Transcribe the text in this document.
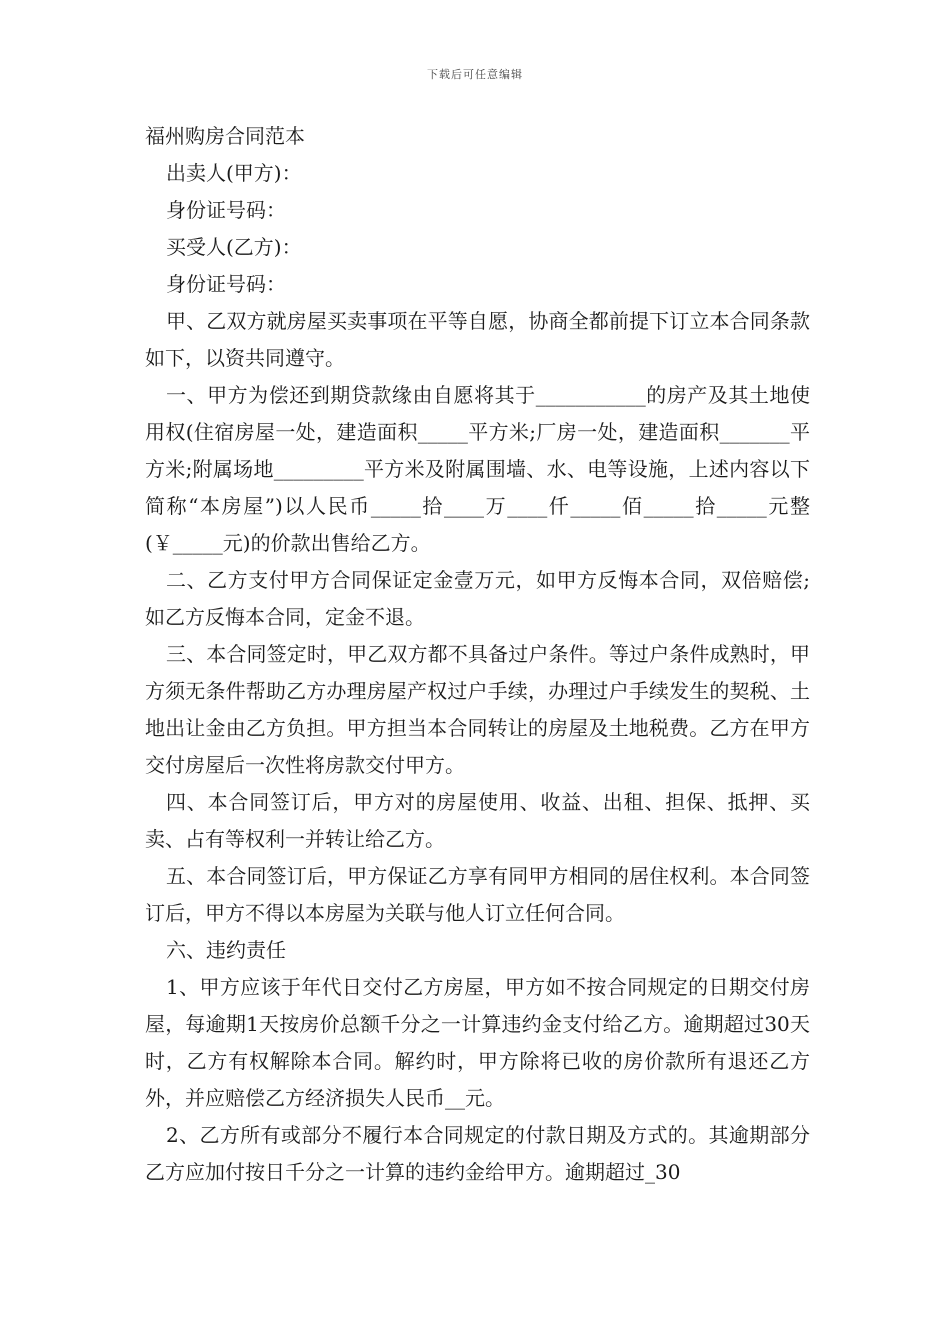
下载后可任意编辑

福州购房合同范本

出卖人(甲方)：

身份证号码：

买受人(乙方)：

身份证号码：

甲、乙双方就房屋买卖事项在平等自愿，协商全都前提下订立本合同条款如下，以资共同遵守。

一、甲方为偿还到期贷款缘由自愿将其于___________的房产及其土地使用权(住宿房屋一处，建造面积_____平方米;厂房一处，建造面积_______平方米;附属场地_________平方米及附属围墙、水、电等设施，上述内容以下简称“本房屋”)以人民币_____拾____万____仟_____佰_____拾_____元整(￥_____元)的价款出售给乙方。

二、乙方支付甲方合同保证定金壹万元，如甲方反悔本合同，双倍赔偿;如乙方反悔本合同，定金不退。

三、本合同签定时，甲乙双方都不具备过户条件。等过户条件成熟时，甲方须无条件帮助乙方办理房屋产权过户手续，办理过户手续发生的契税、土地出让金由乙方负担。甲方担当本合同转让的房屋及土地税费。乙方在甲方交付房屋后一次性将房款交付甲方。

四、本合同签订后，甲方对的房屋使用、收益、出租、担保、抵押、买卖、占有等权利一并转让给乙方。

五、本合同签订后，甲方保证乙方享有同甲方相同的居住权利。本合同签订后，甲方不得以本房屋为关联与他人订立任何合同。

六、违约责任

1、甲方应该于年代日交付乙方房屋，甲方如不按合同规定的日期交付房屋，每逾期1天按房价总额千分之一计算违约金支付给乙方。逾期超过30天时，乙方有权解除本合同。解约时，甲方除将已收的房价款所有退还乙方外，并应赔偿乙方经济损失人民币__元。

2、乙方所有或部分不履行本合同规定的付款日期及方式的。其逾期部分乙方应加付按日千分之一计算的违约金给甲方。逾期超过_30
